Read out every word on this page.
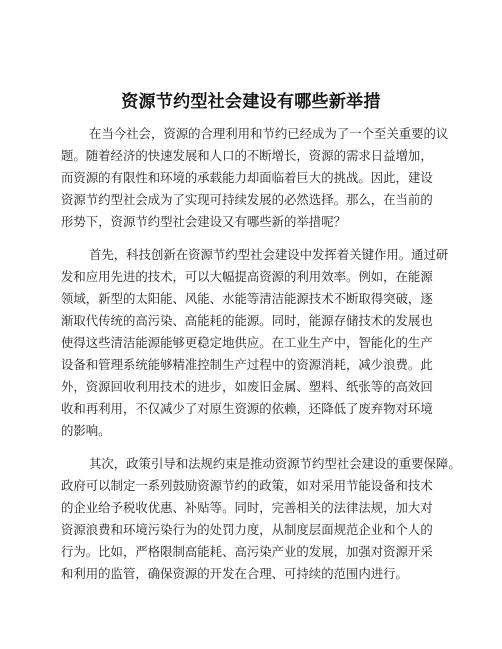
资源节约型社会建设有哪些新举措
在当今社会，资源的合理利用和节约已经成为了一个至关重要的议
题。随着经济的快速发展和人口的不断增长，资源的需求日益增加，
而资源的有限性和环境的承载能力却面临着巨大的挑战。因此，建设
资源节约型社会成为了实现可持续发展的必然选择。那么，在当前的
形势下，资源节约型社会建设又有哪些新的举措呢？
首先，科技创新在资源节约型社会建设中发挥着关键作用。通过研
发和应用先进的技术，可以大幅提高资源的利用效率。例如，在能源
领域，新型的太阳能、风能、水能等清洁能源技术不断取得突破，逐
渐取代传统的高污染、高能耗的能源。同时，能源存储技术的发展也
使得这些清洁能源能够更稳定地供应。在工业生产中，智能化的生产
设备和管理系统能够精准控制生产过程中的资源消耗，减少浪费。此
外，资源回收利用技术的进步，如废旧金属、塑料、纸张等的高效回
收和再利用，不仅减少了对原生资源的依赖，还降低了废弃物对环境
的影响。
其次，政策引导和法规约束是推动资源节约型社会建设的重要保障。
政府可以制定一系列鼓励资源节约的政策，如对采用节能设备和技术
的企业给予税收优惠、补贴等。同时，完善相关的法律法规，加大对
资源浪费和环境污染行为的处罚力度，从制度层面规范企业和个人的
行为。比如，严格限制高能耗、高污染产业的发展，加强对资源开采
和利用的监管，确保资源的开发在合理、可持续的范围内进行。
